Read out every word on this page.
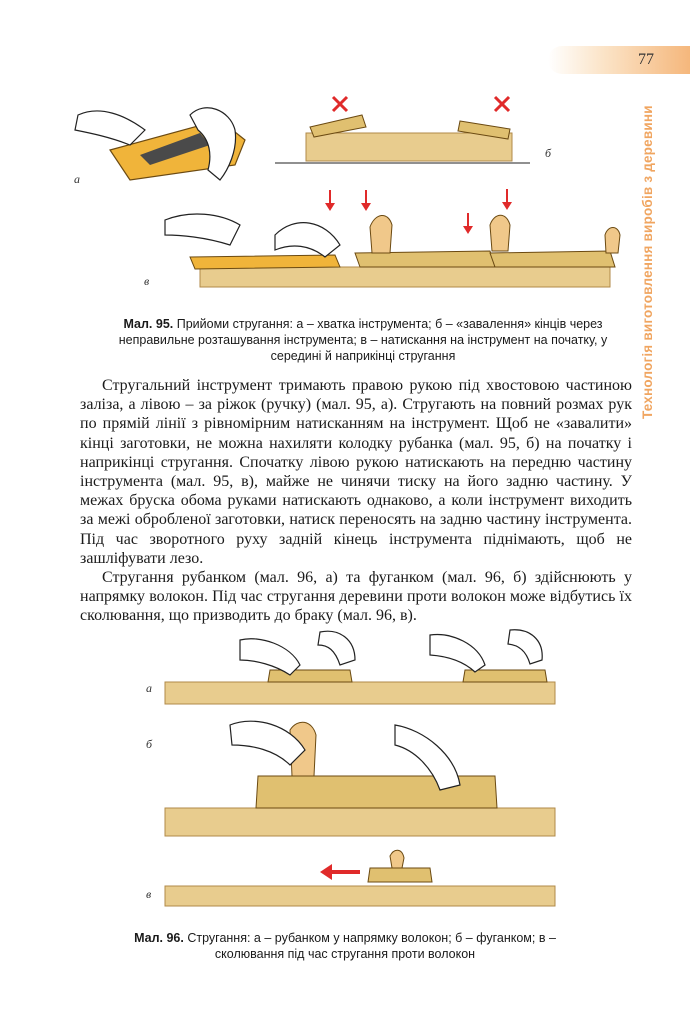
77
Технологія виготовлення виробів з деревини
а
б
в
Мал. 95. Прийоми стругання: а – хватка інструмента; б – «завалення» кінців через неправильне розташування інструмента; в – натискання на інструмент на початку, у середині й наприкінці стругання

Стругальний інструмент тримають правою рукою під хвостовою частиною заліза, а лівою – за ріжок (ручку) (мал. 95, а). Стругають на повний розмах рук по прямій лінії з рівномірним натисканням на інструмент. Щоб не «завалити» кінці заготовки, не можна нахиляти колодку рубанка (мал. 95, б) на початку і наприкінці стругання. Спочатку лівою рукою натискають на передню частину інструмента (мал. 95, в), майже не чинячи тиску на його задню частину. У межах бруска обома руками натискають однаково, а коли інструмент виходить за межі обробленої заготовки, натиск переносять на задню частину інструмента. Під час зворотного руху задній кінець інструмента піднімають, щоб не зашліфувати лезо.

Стругання рубанком (мал. 96, а) та фуганком (мал. 96, б) здійснюють у напрямку волокон. Під час стругання деревини проти волокон може відбутись їх сколювання, що призводить до браку (мал. 96, в).

а
б
в
Мал. 96. Стругання: а – рубанком у напрямку волокон; б – фуганком; в – сколювання під час стругання проти волокон
